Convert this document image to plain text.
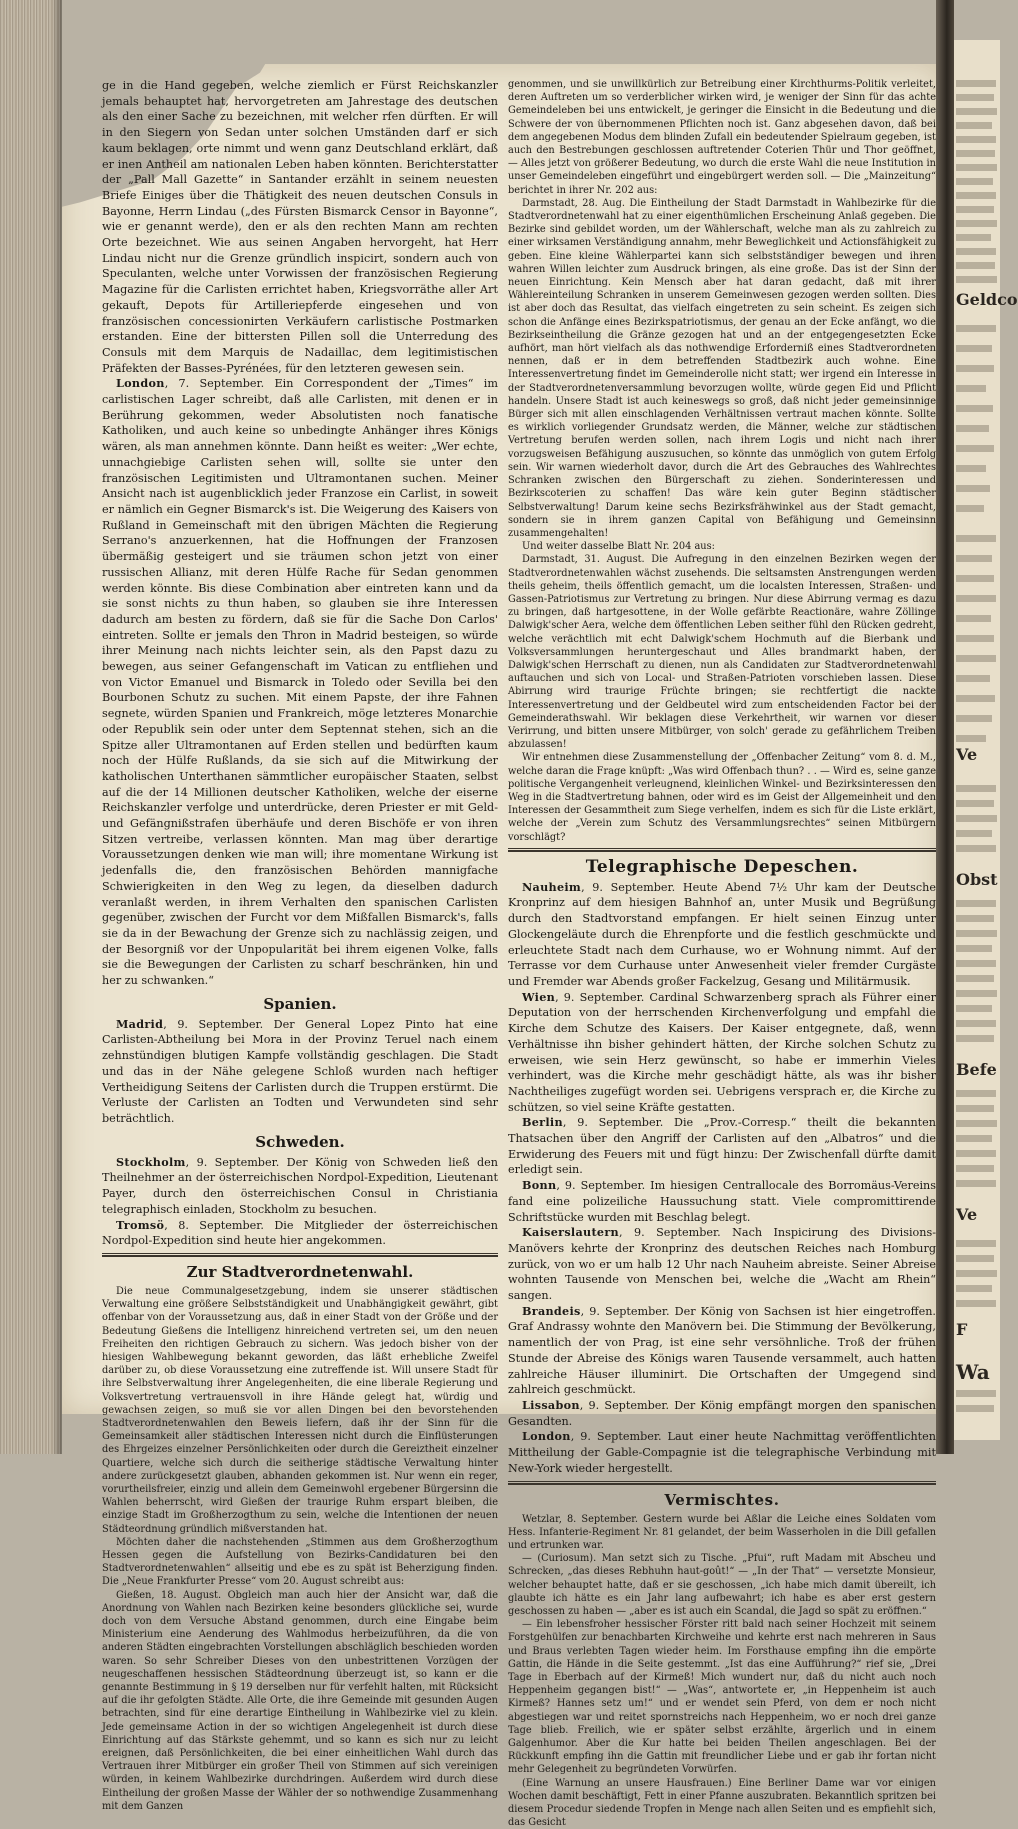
Geldco
Ve
Obst
Befe
Ve
F
Wa

ge in die Hand gegeben, welche ziemlich er Fürst Reichskanzler jemals behauptet hat, hervorgetreten am Jahrestage des deutschen als den einer Sache zu bezeichnen, mit welcher rfen dürften. Er will in den Siegern von Sedan unter solchen Umständen darf er sich kaum beklagen, orte nimmt und wenn ganz Deutschland erklärt, daß er inen Antheil am nationalen Leben haben könnten. Berichterstatter der „Pall Mall Gazette“ in Santander erzählt in seinem neuesten Briefe Einiges über die Thätigkeit des neuen deutschen Consuls in Bayonne, Herrn Lindau („des Fürsten Bismarck Censor in Bayonne“, wie er genannt werde), den er als den rechten Mann am rechten Orte bezeichnet. Wie aus seinen Angaben hervorgeht, hat Herr Lindau nicht nur die Grenze gründlich inspicirt, sondern auch von Speculanten, welche unter Vorwissen der französischen Regierung Magazine für die Carlisten errichtet haben, Kriegsvorräthe aller Art gekauft, Depots für Artilleriepferde eingesehen und von französischen concessionirten Verkäufern carlistische Postmarken erstanden. Eine der bittersten Pillen soll die Unterredung des Consuls mit dem Marquis de Nadaillac, dem legitimistischen Präfekten der Basses-Pyrénées, für den letzteren gewesen sein.

London, 7. September. Ein Correspondent der „Times“ im carlistischen Lager schreibt, daß alle Carlisten, mit denen er in Berührung gekommen, weder Absolutisten noch fanatische Katholiken, und auch keine so unbedingte Anhänger ihres Königs wären, als man annehmen könnte. Dann heißt es weiter: „Wer echte, unnachgiebige Carlisten sehen will, sollte sie unter den französischen Legitimisten und Ultramontanen suchen. Meiner Ansicht nach ist augenblicklich jeder Franzose ein Carlist, in soweit er nämlich ein Gegner Bismarck's ist. Die Weigerung des Kaisers von Rußland in Gemeinschaft mit den übrigen Mächten die Regierung Serrano's anzuerkennen, hat die Hoffnungen der Franzosen übermäßig gesteigert und sie träumen schon jetzt von einer russischen Allianz, mit deren Hülfe Rache für Sedan genommen werden könnte. Bis diese Combination aber eintreten kann und da sie sonst nichts zu thun haben, so glauben sie ihre Interessen dadurch am besten zu fördern, daß sie für die Sache Don Carlos' eintreten. Sollte er jemals den Thron in Madrid besteigen, so würde ihrer Meinung nach nichts leichter sein, als den Papst dazu zu bewegen, aus seiner Gefangenschaft im Vatican zu entfliehen und von Victor Emanuel und Bismarck in Toledo oder Sevilla bei den Bourbonen Schutz zu suchen. Mit einem Papste, der ihre Fahnen segnete, würden Spanien und Frankreich, möge letzteres Monarchie oder Republik sein oder unter dem Septennat stehen, sich an die Spitze aller Ultramontanen auf Erden stellen und bedürften kaum noch der Hülfe Rußlands, da sie sich auf die Mitwirkung der katholischen Unterthanen sämmtlicher europäischer Staaten, selbst auf die der 14 Millionen deutscher Katholiken, welche der eiserne Reichskanzler verfolge und unterdrücke, deren Priester er mit Geld- und Gefängnißstrafen überhäufe und deren Bischöfe er von ihren Sitzen vertreibe, verlassen könnten. Man mag über derartige Voraussetzungen denken wie man will; ihre momentane Wirkung ist jedenfalls die, den französischen Behörden mannigfache Schwierigkeiten in den Weg zu legen, da dieselben dadurch veranlaßt werden, in ihrem Verhalten den spanischen Carlisten gegenüber, zwischen der Furcht vor dem Mißfallen Bismarck's, falls sie da in der Bewachung der Grenze sich zu nachlässig zeigen, und der Besorgniß vor der Unpopularität bei ihrem eigenen Volke, falls sie die Bewegungen der Carlisten zu scharf beschränken, hin und her zu schwanken.“

Spanien.

Madrid, 9. September. Der General Lopez Pinto hat eine Carlisten-Abtheilung bei Mora in der Provinz Teruel nach einem zehnstündigen blutigen Kampfe vollständig geschlagen. Die Stadt und das in der Nähe gelegene Schloß wurden nach heftiger Vertheidigung Seitens der Carlisten durch die Truppen erstürmt. Die Verluste der Carlisten an Todten und Verwundeten sind sehr beträchtlich.

Schweden.

Stockholm, 9. September. Der König von Schweden ließ den Theilnehmer an der österreichischen Nordpol-Expedition, Lieutenant Payer, durch den österreichischen Consul in Christiania telegraphisch einladen, Stockholm zu besuchen.

Tromsö, 8. September. Die Mitglieder der österreichischen Nordpol-Expedition sind heute hier angekommen.

Zur Stadtverordnetenwahl.

Die neue Communalgesetzgebung, indem sie unserer städtischen Verwaltung eine größere Selbstständigkeit und Unabhängigkeit gewährt, gibt offenbar von der Voraussetzung aus, daß in einer Stadt von der Größe und der Bedeutung Gießens die Intelligenz hinreichend vertreten sei, um den neuen Freiheiten den richtigen Gebrauch zu sichern. Was jedoch bisher von der hiesigen Wahlbewegung bekannt geworden, das läßt erhebliche Zweifel darüber zu, ob diese Voraussetzung eine zutreffende ist. Will unsere Stadt für ihre Selbstverwaltung ihrer Angelegenheiten, die eine liberale Regierung und Volksvertretung vertrauensvoll in ihre Hände gelegt hat, würdig und gewachsen zeigen, so muß sie vor allen Dingen bei den bevorstehenden Stadtverordnetenwahlen den Beweis liefern, daß ihr der Sinn für die Gemeinsamkeit aller städtischen Interessen nicht durch die Einflüsterungen des Ehrgeizes einzelner Persönlichkeiten oder durch die Gereiztheit einzelner Quartiere, welche sich durch die seitherige städtische Verwaltung hinter andere zurückgesetzt glauben, abhanden gekommen ist. Nur wenn ein reger, vorurtheilsfreier, einzig und allein dem Gemeinwohl ergebener Bürgersinn die Wahlen beherrscht, wird Gießen der traurige Ruhm erspart bleiben, die einzige Stadt im Großherzogthum zu sein, welche die Intentionen der neuen Städteordnung gründlich mißverstanden hat.

Möchten daher die nachstehenden „Stimmen aus dem Großherzogthum Hessen gegen die Aufstellung von Bezirks-Candidaturen bei den Stadtverordnetenwahlen“ allseitig und ebe es zu spät ist Beherzigung finden. Die „Neue Frankfurter Presse“ vom 20. August schreibt aus:

Gießen, 18. August. Obgleich man auch hier der Ansicht war, daß die Anordnung von Wahlen nach Bezirken keine besonders glückliche sei, wurde doch von dem Versuche Abstand genommen, durch eine Eingabe beim Ministerium eine Aenderung des Wahlmodus herbeizuführen, da die von anderen Städten eingebrachten Vorstellungen abschläglich beschieden worden waren. So sehr Schreiber Dieses von den unbestrittenen Vorzügen der neugeschaffenen hessischen Städteordnung überzeugt ist, so kann er die genannte Bestimmung in § 19 derselben nur für verfehlt halten, mit Rücksicht auf die ihr gefolgten Städte. Alle Orte, die ihre Gemeinde mit gesunden Augen betrachten, sind für eine derartige Eintheilung in Wahlbezirke viel zu klein. Jede gemeinsame Action in der so wichtigen Angelegenheit ist durch diese Einrichtung auf das Stärkste gehemmt, und so kann es sich nur zu leicht ereignen, daß Persönlichkeiten, die bei einer einheitlichen Wahl durch das Vertrauen ihrer Mitbürger ein großer Theil von Stimmen auf sich vereinigen würden, in keinem Wahlbezirke durchdringen. Außerdem wird durch diese Eintheilung der großen Masse der Wähler der so nothwendige Zusammenhang mit dem Ganzen

genommen, und sie unwillkürlich zur Betreibung einer Kirchthurms-Politik verleitet, deren Auftreten um so verderblicher wirken wird, je weniger der Sinn für das achte Gemeindeleben bei uns entwickelt, je geringer die Einsicht in die Bedeutung und die Schwere der von übernommenen Pflichten noch ist. Ganz abgesehen davon, daß bei dem angegebenen Modus dem blinden Zufall ein bedeutender Spielraum gegeben, ist auch den Bestrebungen geschlossen auftretender Coterien Thür und Thor geöffnet, — Alles jetzt von größerer Bedeutung, wo durch die erste Wahl die neue Institution in unser Gemeindeleben eingeführt und eingebürgert werden soll. — Die „Mainzeitung“ berichtet in ihrer Nr. 202 aus:

Darmstadt, 28. Aug. Die Eintheilung der Stadt Darmstadt in Wahlbezirke für die Stadtverordnetenwahl hat zu einer eigenthümlichen Erscheinung Anlaß gegeben. Die Bezirke sind gebildet worden, um der Wählerschaft, welche man als zu zahlreich zu einer wirksamen Verständigung annahm, mehr Beweglichkeit und Actionsfähigkeit zu geben. Eine kleine Wählerpartei kann sich selbstständiger bewegen und ihren wahren Willen leichter zum Ausdruck bringen, als eine große. Das ist der Sinn der neuen Einrichtung. Kein Mensch aber hat daran gedacht, daß mit ihrer Wählereinteilung Schranken in unserem Gemeinwesen gezogen werden sollten. Dies ist aber doch das Resultat, das vielfach eingetreten zu sein scheint. Es zeigen sich schon die Anfänge eines Bezirkspatriotismus, der genau an der Ecke anfängt, wo die Bezirkseintheilung die Gränze gezogen hat und an der entgegengesetzten Ecke aufhört, man hört vielfach als das nothwendige Erforderniß eines Stadtverordneten nennen, daß er in dem betreffenden Stadtbezirk auch wohne. Eine Interessenvertretung findet im Gemeinderolle nicht statt; wer irgend ein Interesse in der Stadtverordnetenversammlung bevorzugen wollte, würde gegen Eid und Pflicht handeln. Unsere Stadt ist auch keineswegs so groß, daß nicht jeder gemeinsinnige Bürger sich mit allen einschlagenden Verhältnissen vertraut machen könnte. Sollte es wirklich vorliegender Grundsatz werden, die Männer, welche zur städtischen Vertretung berufen werden sollen, nach ihrem Logis und nicht nach ihrer vorzugsweisen Befähigung auszusuchen, so könnte das unmöglich von gutem Erfolg sein. Wir warnen wiederholt davor, durch die Art des Gebrauches des Wahlrechtes Schranken zwischen den Bürgerschaft zu ziehen. Sonderinteressen und Bezirkscoterien zu schaffen! Das wäre kein guter Beginn städtischer Selbstverwaltung! Darum keine sechs Bezirksfrähwinkel aus der Stadt gemacht, sondern sie in ihrem ganzen Capital von Befähigung und Gemeinsinn zusammengehalten!

Und weiter dasselbe Blatt Nr. 204 aus:

Darmstadt, 31. August. Die Aufregung in den einzelnen Bezirken wegen der Stadtverordnetenwahlen wächst zusehends. Die seltsamsten Anstrengungen werden theils geheim, theils öffentlich gemacht, um die localsten Interessen, Straßen- und Gassen-Patriotismus zur Vertretung zu bringen. Nur diese Abirrung vermag es dazu zu bringen, daß hartgesottene, in der Wolle gefärbte Reactionäre, wahre Zöllinge Dalwigk'scher Aera, welche dem öffentlichen Leben seither fühl den Rücken gedreht, welche verächtlich mit echt Dalwigk'schem Hochmuth auf die Bierbank und Volksversammlungen heruntergeschaut und Alles brandmarkt haben, der Dalwigk'schen Herrschaft zu dienen, nun als Candidaten zur Stadtverordnetenwahl auftauchen und sich von Local- und Straßen-Patrioten vorschieben lassen. Diese Abirrung wird traurige Früchte bringen; sie rechtfertigt die nackte Interessenvertretung und der Geldbeutel wird zum entscheidenden Factor bei der Gemeinderathswahl. Wir beklagen diese Verkehrtheit, wir warnen vor dieser Verirrung, und bitten unsere Mitbürger, von solch' gerade zu gefährlichem Treiben abzulassen!

Wir entnehmen diese Zusammenstellung der „Offenbacher Zeitung“ vom 8. d. M., welche daran die Frage knüpft: „Was wird Offenbach thun? . . — Wird es, seine ganze politische Vergangenheit verleugnend, kleinlichen Winkel- und Bezirksinteressen den Weg in die Stadtvertretung bahnen, oder wird es im Geist der Allgemeinheit und den Interessen der Gesammtheit zum Siege verhelfen, indem es sich für die Liste erklärt, welche der „Verein zum Schutz des Versammlungsrechtes“ seinen Mitbürgern vorschlägt?

Telegraphische Depeschen.

Nauheim, 9. September. Heute Abend 7½ Uhr kam der Deutsche Kronprinz auf dem hiesigen Bahnhof an, unter Musik und Begrüßung durch den Stadtvorstand empfangen. Er hielt seinen Einzug unter Glockengeläute durch die Ehrenpforte und die festlich geschmückte und erleuchtete Stadt nach dem Curhause, wo er Wohnung nimmt. Auf der Terrasse vor dem Curhause unter Anwesenheit vieler fremder Curgäste und Fremder war Abends großer Fackelzug, Gesang und Militärmusik.

Wien, 9. September. Cardinal Schwarzenberg sprach als Führer einer Deputation von der herrschenden Kirchenverfolgung und empfahl die Kirche dem Schutze des Kaisers. Der Kaiser entgegnete, daß, wenn Verhältnisse ihn bisher gehindert hätten, der Kirche solchen Schutz zu erweisen, wie sein Herz gewünscht, so habe er immerhin Vieles verhindert, was die Kirche mehr geschädigt hätte, als was ihr bisher Nachtheiliges zugefügt worden sei. Uebrigens versprach er, die Kirche zu schützen, so viel seine Kräfte gestatten.

Berlin, 9. September. Die „Prov.-Corresp.“ theilt die bekannten Thatsachen über den Angriff der Carlisten auf den „Albatros“ und die Erwiderung des Feuers mit und fügt hinzu: Der Zwischenfall dürfte damit erledigt sein.

Bonn, 9. September. Im hiesigen Centrallocale des Borromäus-Vereins fand eine polizeiliche Haussuchung statt. Viele compromittirende Schriftstücke wurden mit Beschlag belegt.

Kaiserslautern, 9. September. Nach Inspicirung des Divisions-Manövers kehrte der Kronprinz des deutschen Reiches nach Homburg zurück, von wo er um halb 12 Uhr nach Nauheim abreiste. Seiner Abreise wohnten Tausende von Menschen bei, welche die „Wacht am Rhein“ sangen.

Brandeis, 9. September. Der König von Sachsen ist hier eingetroffen. Graf Andrassy wohnte den Manövern bei. Die Stimmung der Bevölkerung, namentlich der von Prag, ist eine sehr versöhnliche. Troß der frühen Stunde der Abreise des Königs waren Tausende versammelt, auch hatten zahlreiche Häuser illuminirt. Die Ortschaften der Umgegend sind zahlreich geschmückt.

Lissabon, 9. September. Der König empfängt morgen den spanischen Gesandten.

London, 9. September. Laut einer heute Nachmittag veröffentlichten Mittheilung der Gable-Compagnie ist die telegraphische Verbindung mit New-York wieder hergestellt.

Vermischtes.

Wetzlar, 8. September. Gestern wurde bei Aßlar die Leiche eines Soldaten vom Hess. Infanterie-Regiment Nr. 81 gelandet, der beim Wasserholen in die Dill gefallen und ertrunken war.

— (Curiosum). Man setzt sich zu Tische. „Pfui“, ruft Madam mit Abscheu und Schrecken, „das dieses Rebhuhn haut-goût!“ — „In der That“ — versetzte Monsieur, welcher behauptet hatte, daß er sie geschossen, „ich habe mich damit übereilt, ich glaubte ich hätte es ein Jahr lang aufbewahrt; ich habe es aber erst gestern geschossen zu haben — „aber es ist auch ein Scandal, die Jagd so spät zu eröffnen.“

— Ein lebensfroher hessischer Förster ritt bald nach seiner Hochzeit mit seinem Forstgehülfen zur benachbarten Kirchweihe und kehrte erst nach mehreren in Saus und Braus verlebten Tagen wieder heim. Im Forsthause empfing ihn die empörte Gattin, die Hände in die Seite gestemmt. „Ist das eine Aufführung?“ rief sie, „Drei Tage in Eberbach auf der Kirmeß! Mich wundert nur, daß du nicht auch noch Heppenheim gegangen bist!“ — „Was“, antwortete er, „in Heppenheim ist auch Kirmeß? Hannes setz um!“ und er wendet sein Pferd, von dem er noch nicht abgestiegen war und reitet spornstreichs nach Heppenheim, wo er noch drei ganze Tage blieb. Freilich, wie er später selbst erzählte, ärgerlich und in einem Galgenhumor. Aber die Kur hatte bei beiden Theilen angeschlagen. Bei der Rückkunft empfing ihn die Gattin mit freundlicher Liebe und er gab ihr fortan nicht mehr Gelegenheit zu begründeten Vorwürfen.

(Eine Warnung an unsere Hausfrauen.) Eine Berliner Dame war vor einigen Wochen damit beschäftigt, Fett in einer Pfanne auszubraten. Bekanntlich spritzen bei diesem Procedur siedende Tropfen in Menge nach allen Seiten und es empfiehlt sich, das Gesicht
